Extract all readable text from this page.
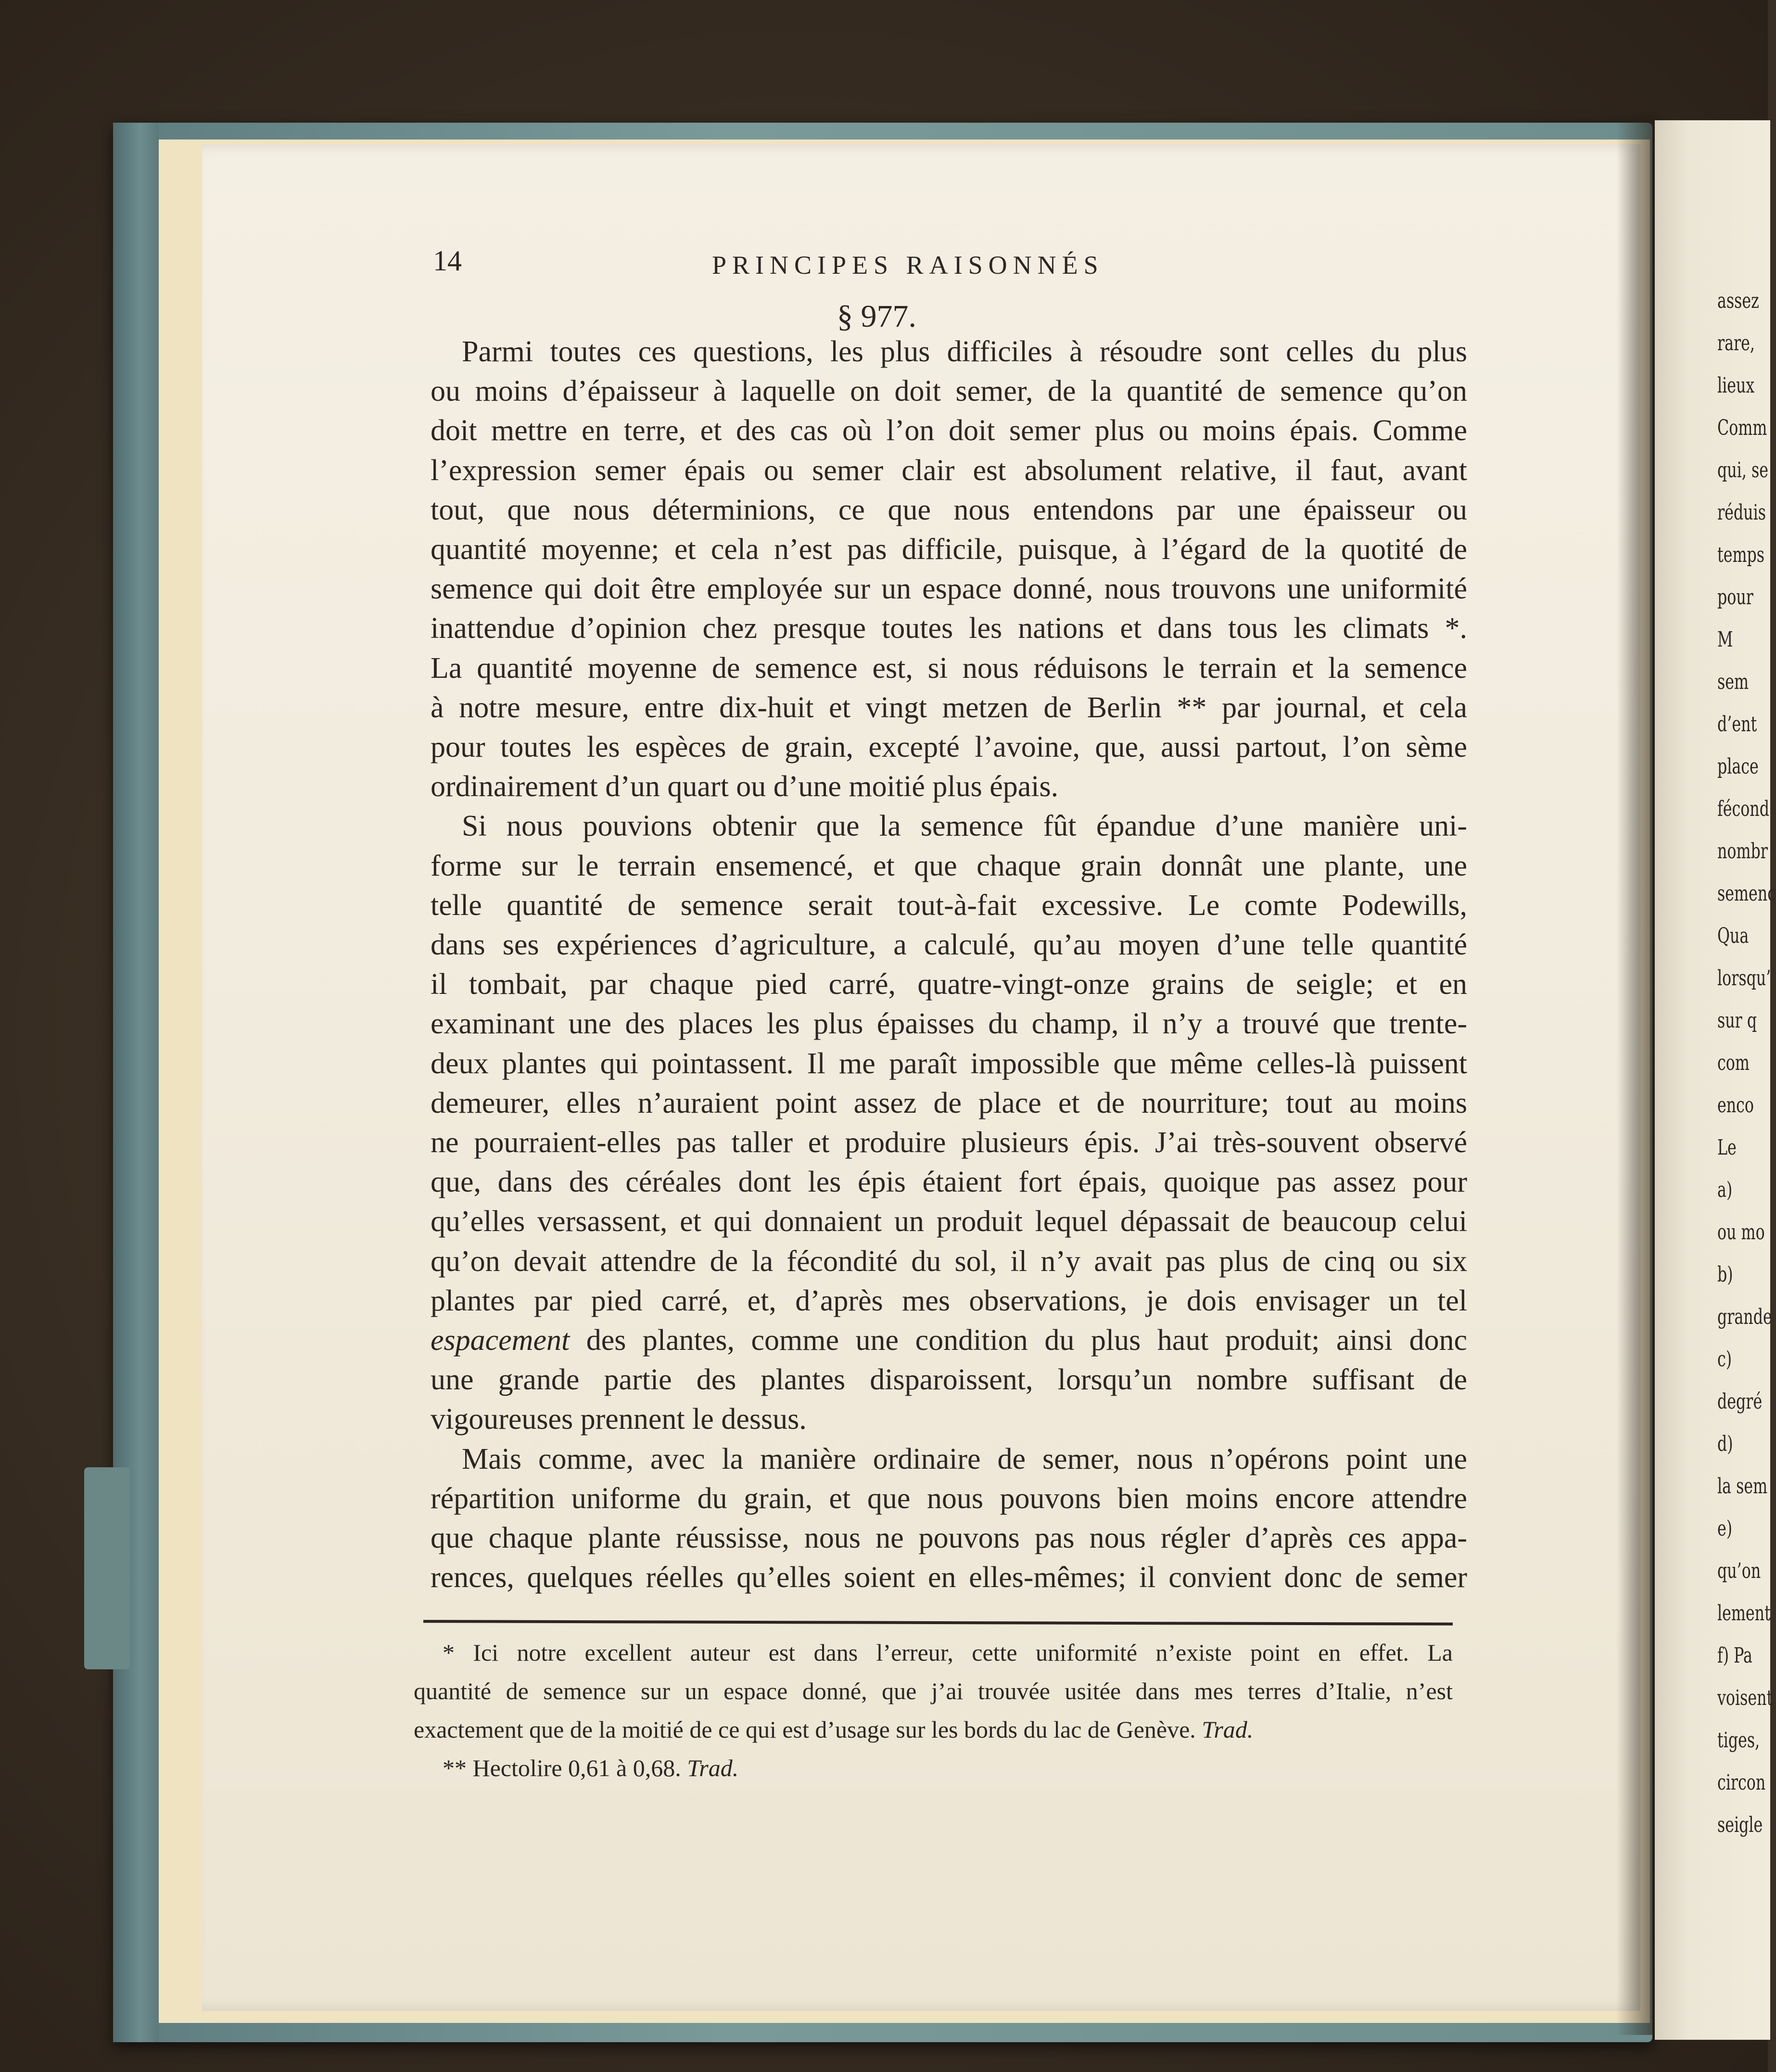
14	PRINCIPES RAISONNÉS
§ 977.
Parmi toutes ces questions, les plus difficiles à résoudre sont celles du plus
ou moins d’épaisseur à laquelle on doit semer, de la quantité de semence qu’on
doit mettre en terre, et des cas où l’on doit semer plus ou moins épais. Comme
l’expression semer épais ou semer clair est absolument relative, il faut, avant
tout, que nous déterminions, ce que nous entendons par une épaisseur ou
quantité moyenne; et cela n’est pas difficile, puisque, à l’égard de la quotité de
semence qui doit être employée sur un espace donné, nous trouvons une uniformité
inattendue d’opinion chez presque toutes les nations et dans tous les climats *.
La quantité moyenne de semence est, si nous réduisons le terrain et la semence
à notre mesure, entre dix-huit et vingt metzen de Berlin ** par journal, et cela
pour toutes les espèces de grain, excepté l’avoine, que, aussi partout, l’on sème
ordinairement d’un quart ou d’une moitié plus épais.
Si nous pouvions obtenir que la semence fût épandue d’une manière uni-
forme sur le terrain ensemencé, et que chaque grain donnât une plante, une
telle quantité de semence serait tout-à-fait excessive. Le comte Podewills,
dans ses expériences d’agriculture, a calculé, qu’au moyen d’une telle quantité
il tombait, par chaque pied carré, quatre-vingt-onze grains de seigle; et en
examinant une des places les plus épaisses du champ, il n’y a trouvé que trente-
deux plantes qui pointassent. Il me paraît impossible que même celles-là puissent
demeurer, elles n’auraient point assez de place et de nourriture; tout au moins
ne pourraient-elles pas taller et produire plusieurs épis. J’ai très-souvent observé
que, dans des céréales dont les épis étaient fort épais, quoique pas assez pour
qu’elles versassent, et qui donnaient un produit lequel dépassait de beaucoup celui
qu’on devait attendre de la fécondité du sol, il n’y avait pas plus de cinq ou six
plantes par pied carré, et, d’après mes observations, je dois envisager un tel
espacement des plantes, comme une condition du plus haut produit; ainsi donc
une grande partie des plantes disparoissent, lorsqu’un nombre suffisant de
vigoureuses prennent le dessus.
Mais comme, avec la manière ordinaire de semer, nous n’opérons point une
répartition uniforme du grain, et que nous pouvons bien moins encore attendre
que chaque plante réussisse, nous ne pouvons pas nous régler d’après ces appa-
rences, quelques réelles qu’elles soient en elles-mêmes; il convient donc de semer
* Ici notre excellent auteur est dans l’erreur, cette uniformité n’existe point en effet. La
quantité de semence sur un espace donné, que j’ai trouvée usitée dans mes terres d’Italie, n’est
exactement que de la moitié de ce qui est d’usage sur les bords du lac de Genève. Trad.
** Hectolire 0,61 à 0,68. Trad.
assez
rare,
lieux
Comm
qui, se
réduis
temps
pour
M
sem
d’ent
place
fécond
nombr
semenc
Qua
lorsqu’
sur q
com
enco
Le
a)
ou mo
b)
grande
c)
degré
d)
la sem
e)
qu’on
lement
f) Pa
voisent
tiges,
circon
seigle
